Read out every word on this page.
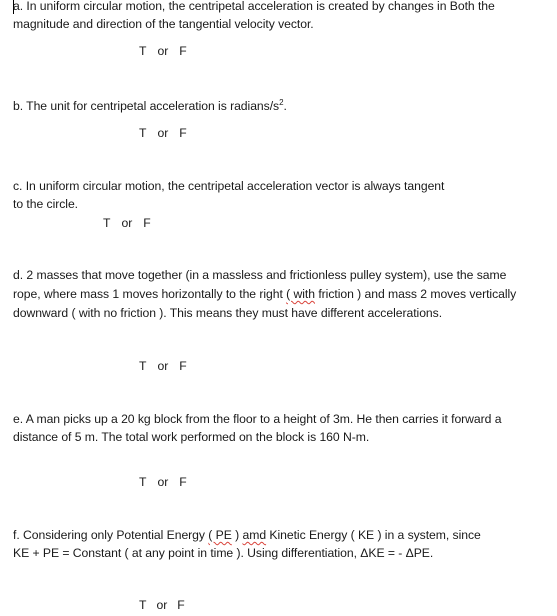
a. In uniform circular motion, the centripetal acceleration is created by changes in Both the
magnitude and direction of the tangential velocity vector.
T or F
b. The unit for centripetal acceleration is radians/$s^2$.
T or F
c. In uniform circular motion, the centripetal acceleration vector is always tangent
to the circle.
T or F
d. 2 masses that move together (in a massless and frictionless pulley system), use the same
rope, where mass 1 moves horizontally to the right ( with friction ) and mass 2 moves vertically
downward ( with no friction ). This means they must have different accelerations.
T or F
e. A man picks up a 20 kg block from the floor to a height of 3m. He then carries it forward a
distance of 5 m. The total work performed on the block is 160 N-m.
T or F
f. Considering only Potential Energy ( PE ) amd Kinetic Energy ( KE ) in a system, since
KE + PE = Constant ( at any point in time ). Using differentiation, ΔKE = - ΔPE.
T or F
